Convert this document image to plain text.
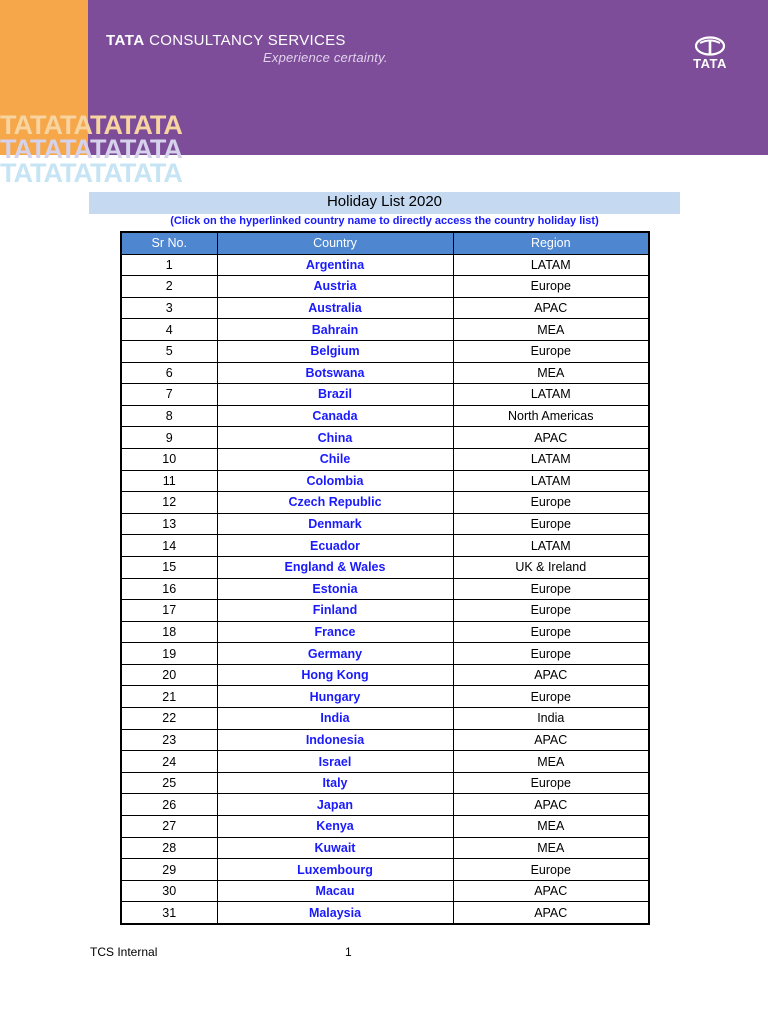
TATA CONSULTANCY SERVICES
Experience certainty.	TATA
TATATATATATA
TATATATATATA
TATATATATATA
Holiday List 2020
(Click on the hyperlinked country name to directly access the country holiday list)
Sr No.	Country	Region
1	Argentina	LATAM
2	Austria	Europe
3	Australia	APAC
4	Bahrain	MEA
5	Belgium	Europe
6	Botswana	MEA
7	Brazil	LATAM
8	Canada	North Americas
9	China	APAC
10	Chile	LATAM
11	Colombia	LATAM
12	Czech Republic	Europe
13	Denmark	Europe
14	Ecuador	LATAM
15	England & Wales	UK & Ireland
16	Estonia	Europe
17	Finland	Europe
18	France	Europe
19	Germany	Europe
20	Hong Kong	APAC
21	Hungary	Europe
22	India	India
23	Indonesia	APAC
24	Israel	MEA
25	Italy	Europe
26	Japan	APAC
27	Kenya	MEA
28	Kuwait	MEA
29	Luxembourg	Europe
30	Macau	APAC
31	Malaysia	APAC
TCS Internal	1
